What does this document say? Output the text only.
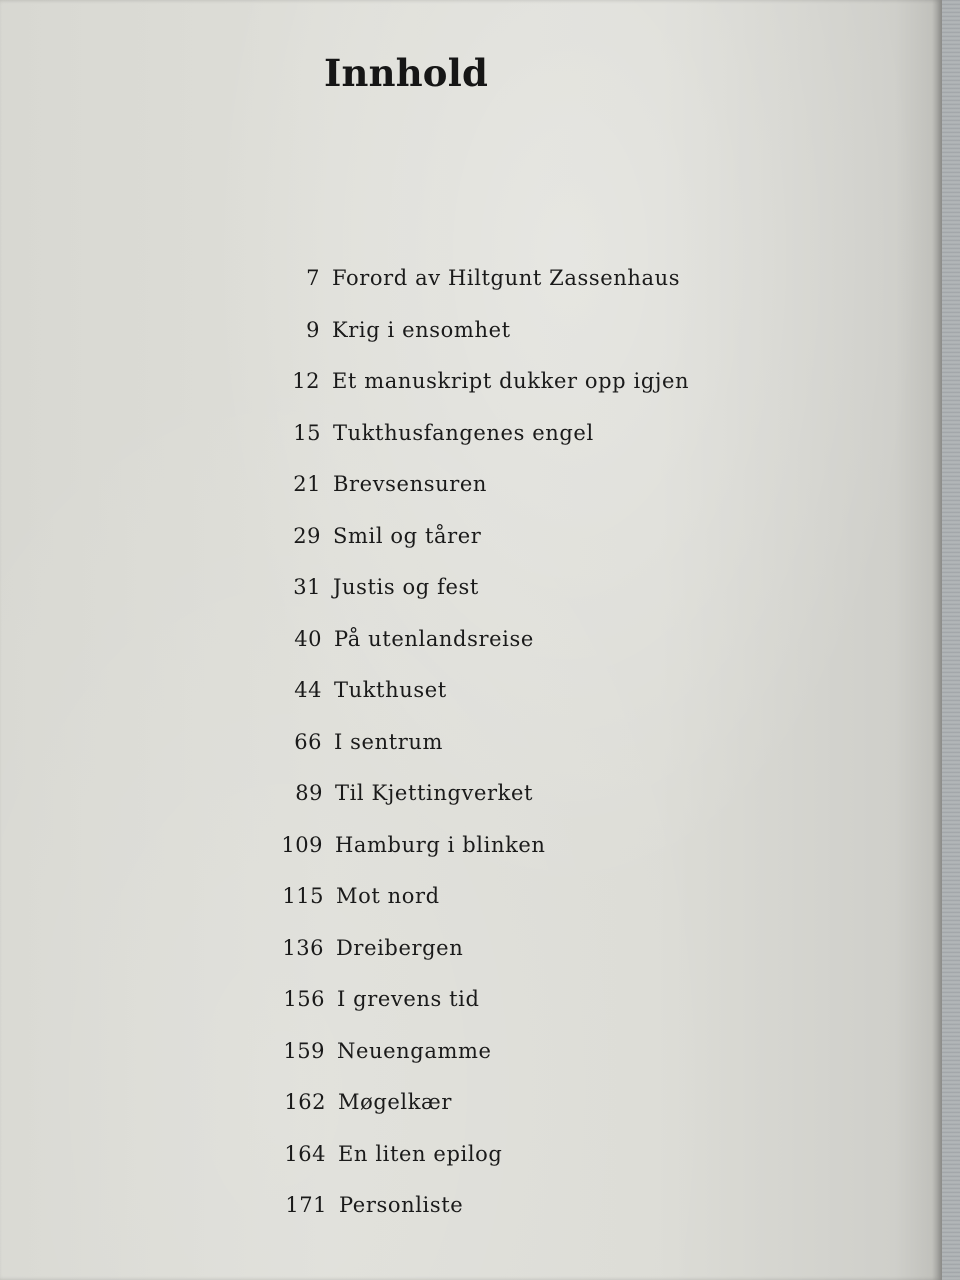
Innhold
7 Forord av Hiltgunt Zassenhaus
9 Krig i ensomhet
12 Et manuskript dukker opp igjen
15 Tukthusfangenes engel
21 Brevsensuren
29 Smil og tårer
31 Justis og fest
40 På utenlandsreise
44 Tukthuset
66 I sentrum
89 Til Kjettingverket
109 Hamburg i blinken
115 Mot nord
136 Dreibergen
156 I grevens tid
159 Neuengamme
162 Møgelkær
164 En liten epilog
171 Personliste
